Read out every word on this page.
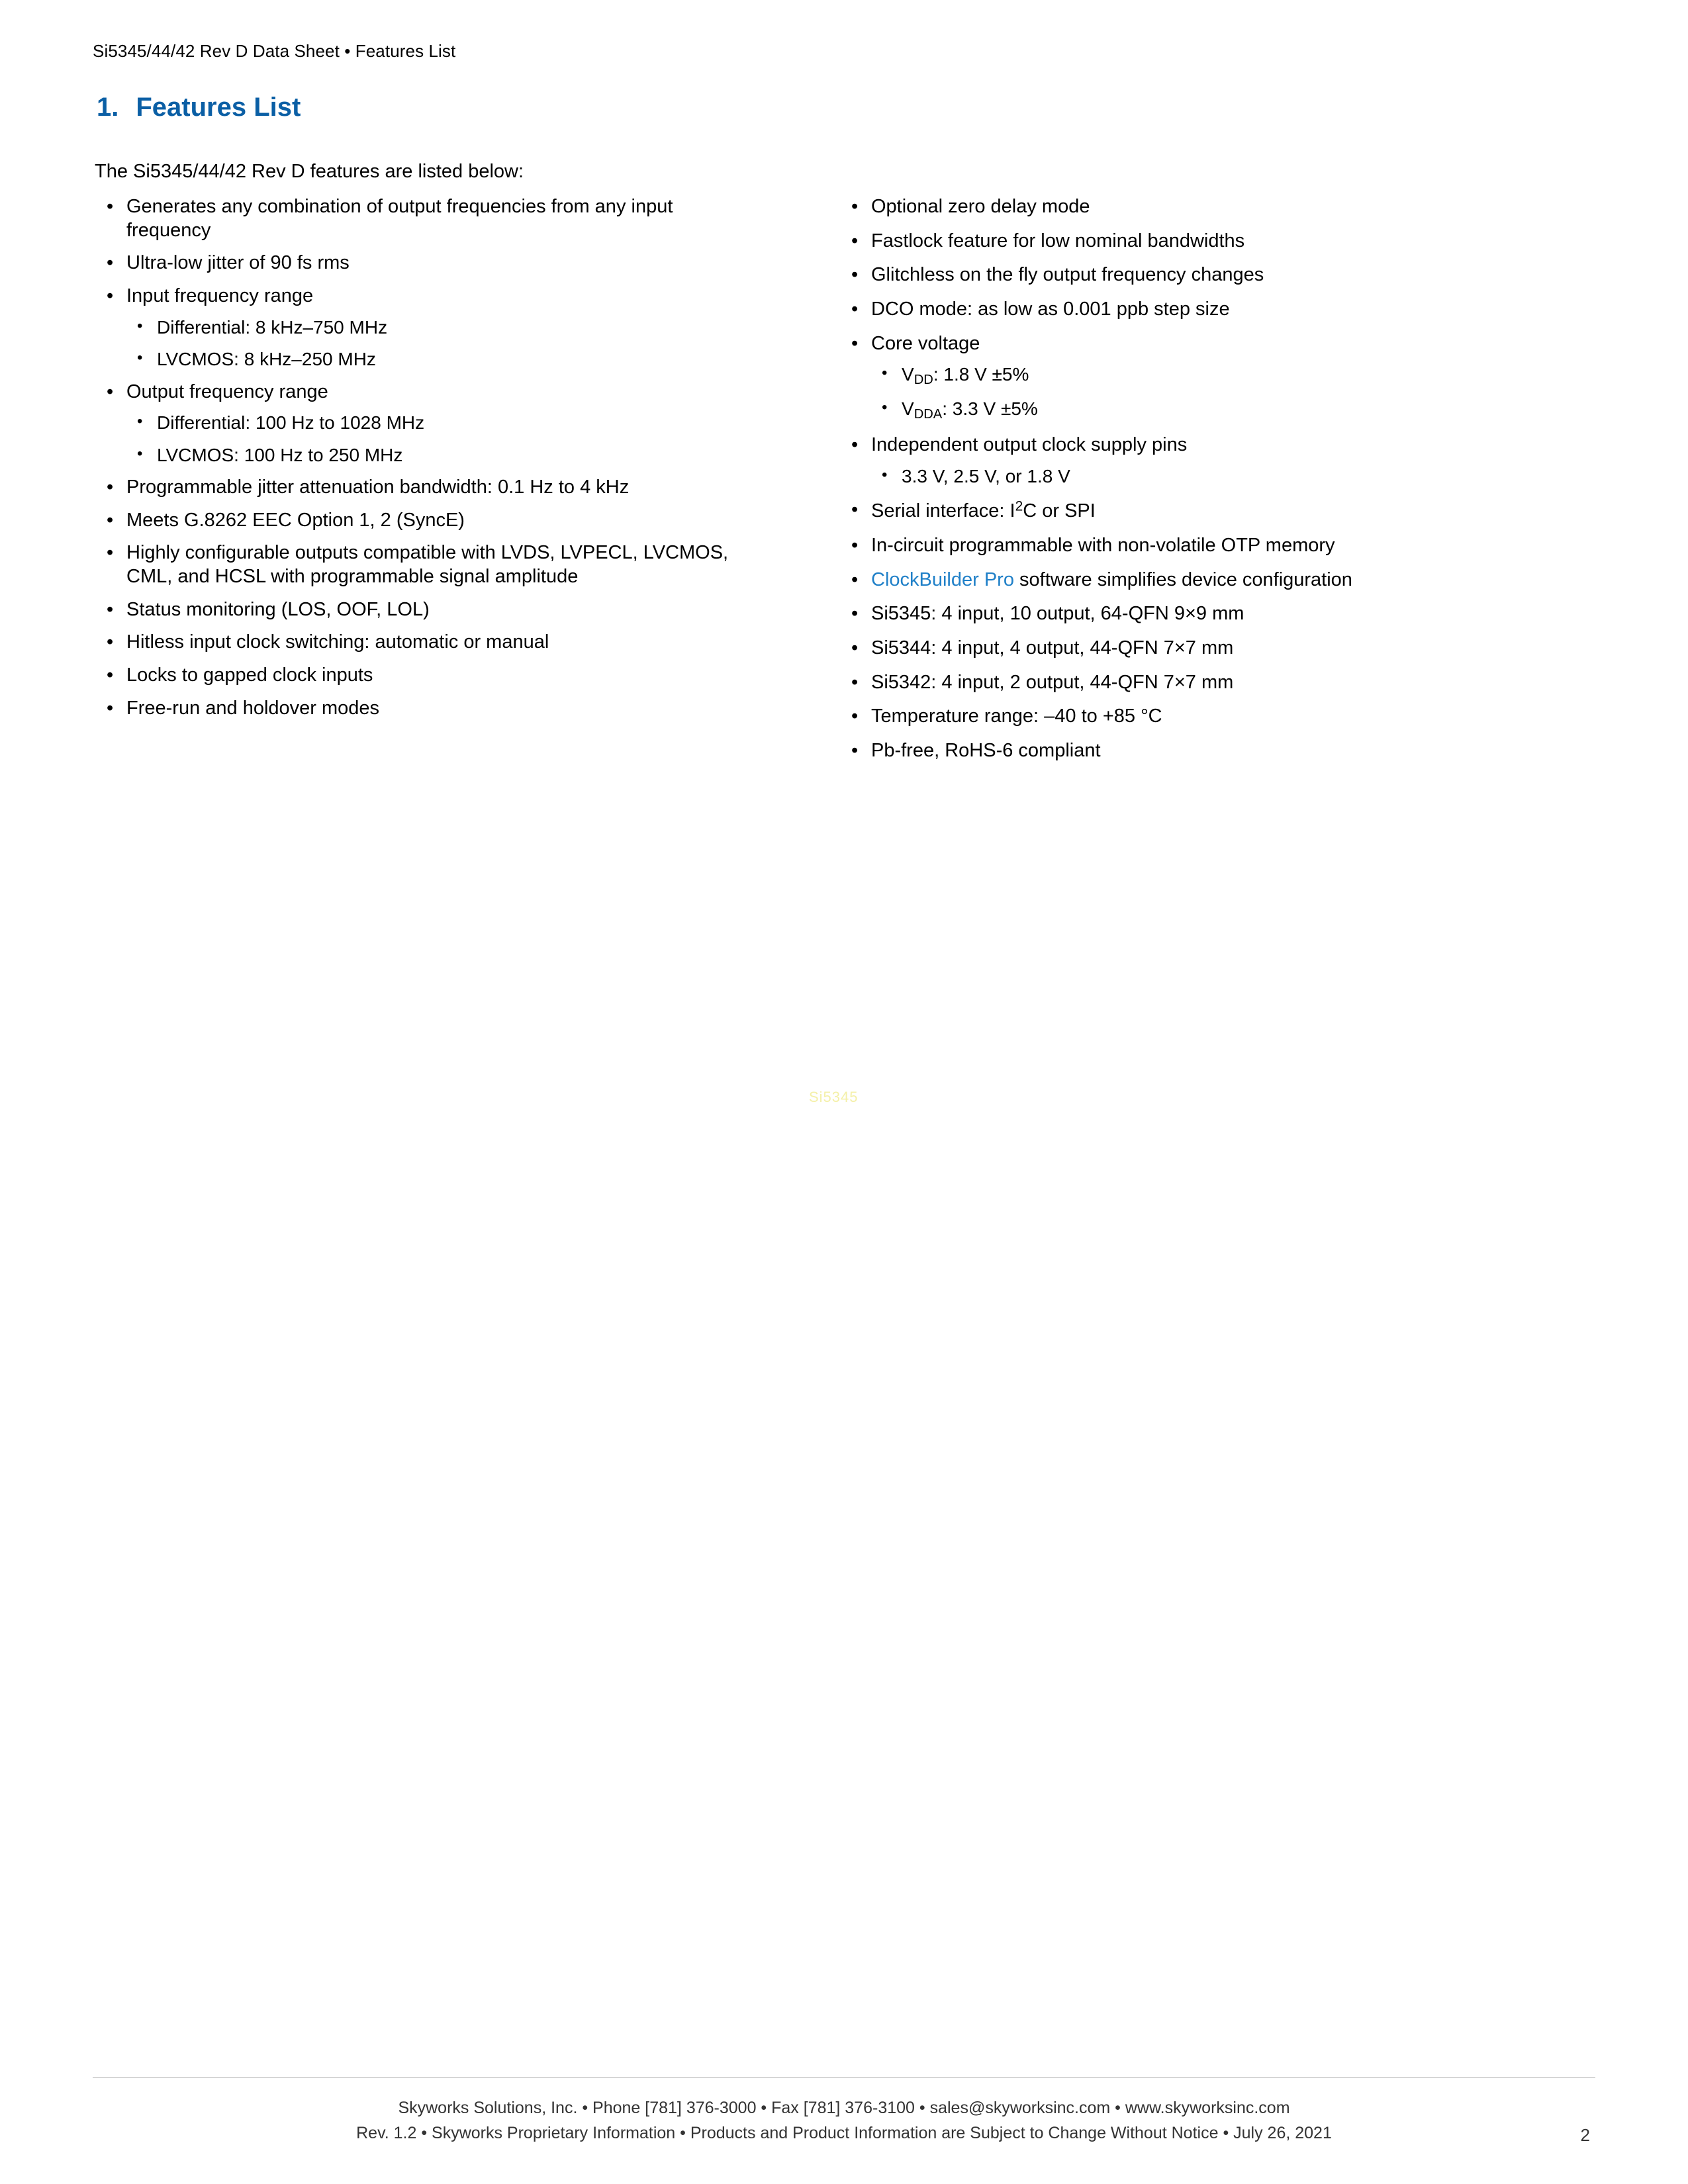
Si5345/44/42 Rev D Data Sheet • Features List
1. Features List
The Si5345/44/42 Rev D features are listed below:
• Generates any combination of output frequencies from any input frequency
• Ultra-low jitter of 90 fs rms
• Input frequency range
• Differential: 8 kHz–750 MHz
• LVCMOS: 8 kHz–250 MHz
• Output frequency range
• Differential: 100 Hz to 1028 MHz
• LVCMOS: 100 Hz to 250 MHz
• Programmable jitter attenuation bandwidth: 0.1 Hz to 4 kHz
• Meets G.8262 EEC Option 1, 2 (SyncE)
• Highly configurable outputs compatible with LVDS, LVPECL, LVCMOS, CML, and HCSL with programmable signal amplitude
• Status monitoring (LOS, OOF, LOL)
• Hitless input clock switching: automatic or manual
• Locks to gapped clock inputs
• Free-run and holdover modes
• Optional zero delay mode
• Fastlock feature for low nominal bandwidths
• Glitchless on the fly output frequency changes
• DCO mode: as low as 0.001 ppb step size
• Core voltage
• $V_{DD}$: 1.8 V ±5%
• $V_{DDA}$: 3.3 V ±5%
• Independent output clock supply pins
• 3.3 V, 2.5 V, or 1.8 V
• Serial interface: $I^2C$ or SPI
• In-circuit programmable with non-volatile OTP memory
• ClockBuilder Pro software simplifies device configuration
• Si5345: 4 input, 10 output, 64-QFN 9×9 mm
• Si5344: 4 input, 4 output, 44-QFN 7×7 mm
• Si5342: 4 input, 2 output, 44-QFN 7×7 mm
• Temperature range: –40 to +85 °C
• Pb-free, RoHS-6 compliant
Si5345
Skyworks Solutions, Inc. • Phone [781] 376-3000 • Fax [781] 376-3100 • sales@skyworksinc.com • www.skyworksinc.com
Rev. 1.2 • Skyworks Proprietary Information • Products and Product Information are Subject to Change Without Notice • July 26, 2021	2
